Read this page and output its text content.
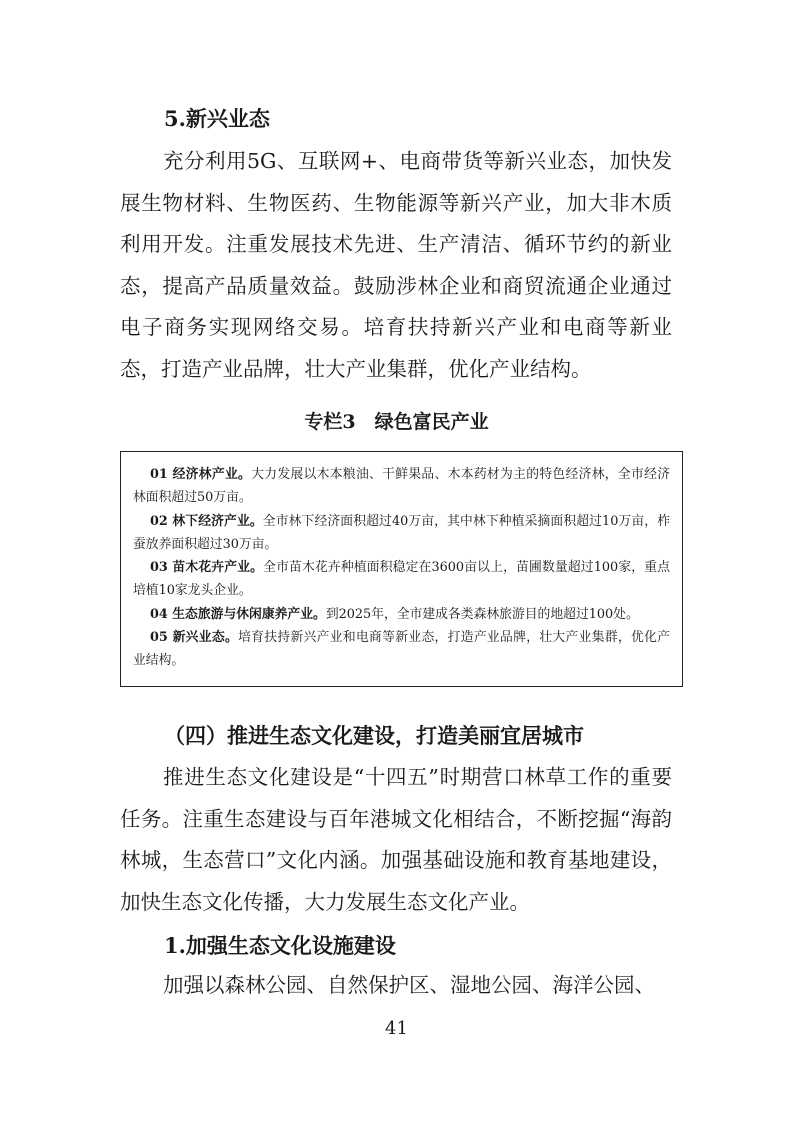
5.新兴业态

充分利用5G、互联网+、电商带货等新兴业态，加快发展生物材料、生物医药、生物能源等新兴产业，加大非木质利用开发。注重发展技术先进、生产清洁、循环节约的新业态，提高产品质量效益。鼓励涉林企业和商贸流通企业通过电子商务实现网络交易。培育扶持新兴产业和电商等新业态，打造产业品牌，壮大产业集群，优化产业结构。

专栏3　绿色富民产业

01 经济林产业。大力发展以木本粮油、干鲜果品、木本药材为主的特色经济林，全市经济林面积超过50万亩。

02 林下经济产业。全市林下经济面积超过40万亩，其中林下种植采摘面积超过10万亩，柞蚕放养面积超过30万亩。

03 苗木花卉产业。全市苗木花卉种植面积稳定在3600亩以上，苗圃数量超过100家，重点培植10家龙头企业。

04 生态旅游与休闲康养产业。到2025年，全市建成各类森林旅游目的地超过100处。

05 新兴业态。培育扶持新兴产业和电商等新业态，打造产业品牌，壮大产业集群，优化产业结构。

（四）推进生态文化建设，打造美丽宜居城市

推进生态文化建设是“十四五”时期营口林草工作的重要任务。注重生态建设与百年港城文化相结合，不断挖掘“海韵林城，生态营口”文化内涵。加强基础设施和教育基地建设，加快生态文化传播，大力发展生态文化产业。

1.加强生态文化设施建设

加强以森林公园、自然保护区、湿地公园、海洋公园、

41
